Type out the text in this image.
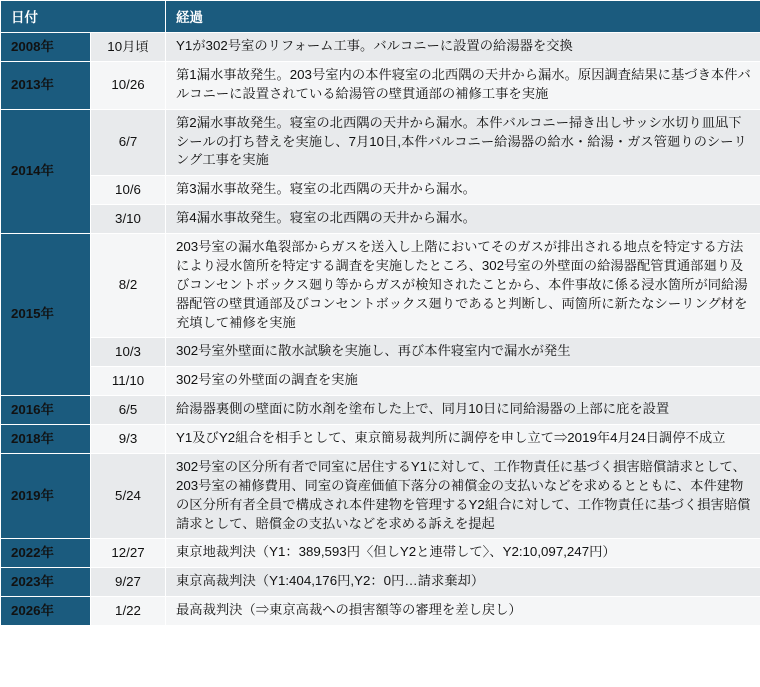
日付		経過
2008年	10月頃	Y1が302号室のリフォーム工事。バルコニーに設置の給湯器を交換
2013年	10/26	第1漏水事故発生。203号室内の本件寝室の北西隅の天井から漏水。原因調査結果に基づき本件バルコニーに設置されている給湯管の壁貫通部の補修工事を実施
2014年	6/7	第2漏水事故発生。寝室の北西隅の天井から漏水。本件バルコニー掃き出しサッシ水切り皿凪下シールの打ち替えを実施し、7月10日,本件バルコニー給湯器の給水・給湯・ガス管廻りのシーリング工事を実施
	10/6	第3漏水事故発生。寝室の北西隅の天井から漏水。
	3/10	第4漏水事故発生。寝室の北西隅の天井から漏水。
2015年	8/2	203号室の漏水亀裂部からガスを送入し上階においてそのガスが排出される地点を特定する方法により浸水箇所を特定する調査を実施したところ、302号室の外壁面の給湯器配管貫通部廻り及びコンセントボックス廻り等からガスが検知されたことから、本件事故に係る浸水箇所が同給湯器配管の壁貫通部及びコンセントボックス廻りであると判断し、両箇所に新たなシーリング材を充填して補修を実施
	10/3	302号室外壁面に散水試験を実施し、再び本件寝室内で漏水が発生
	11/10	302号室の外壁面の調査を実施
2016年	6/5	給湯器裏側の壁面に防水剤を塗布した上で、同月10日に同給湯器の上部に庇を設置
2018年	9/3	Y1及びY2組合を相手として、東京簡易裁判所に調停を申し立て⇒2019年4月24日調停不成立
2019年	5/24	302号室の区分所有者で同室に居住するY1に対して、工作物責任に基づく損害賠償請求として、203号室の補修費用、同室の資産価値下落分の補償金の支払いなどを求めるとともに、本件建物の区分所有者全員で構成され本件建物を管理するY2組合に対して、工作物責任に基づく損害賠償請求として、賠償金の支払いなどを求める訴えを提起
2022年	12/27	東京地裁判決（Y1：389,593円〈但しY2と連帯して〉、Y2:10,097,247円）
2023年	9/27	東京高裁判決（Y1:404,176円,Y2：0円…請求棄却）
2026年	1/22	最高裁判決（⇒東京高裁への損害額等の審理を差し戻し）
